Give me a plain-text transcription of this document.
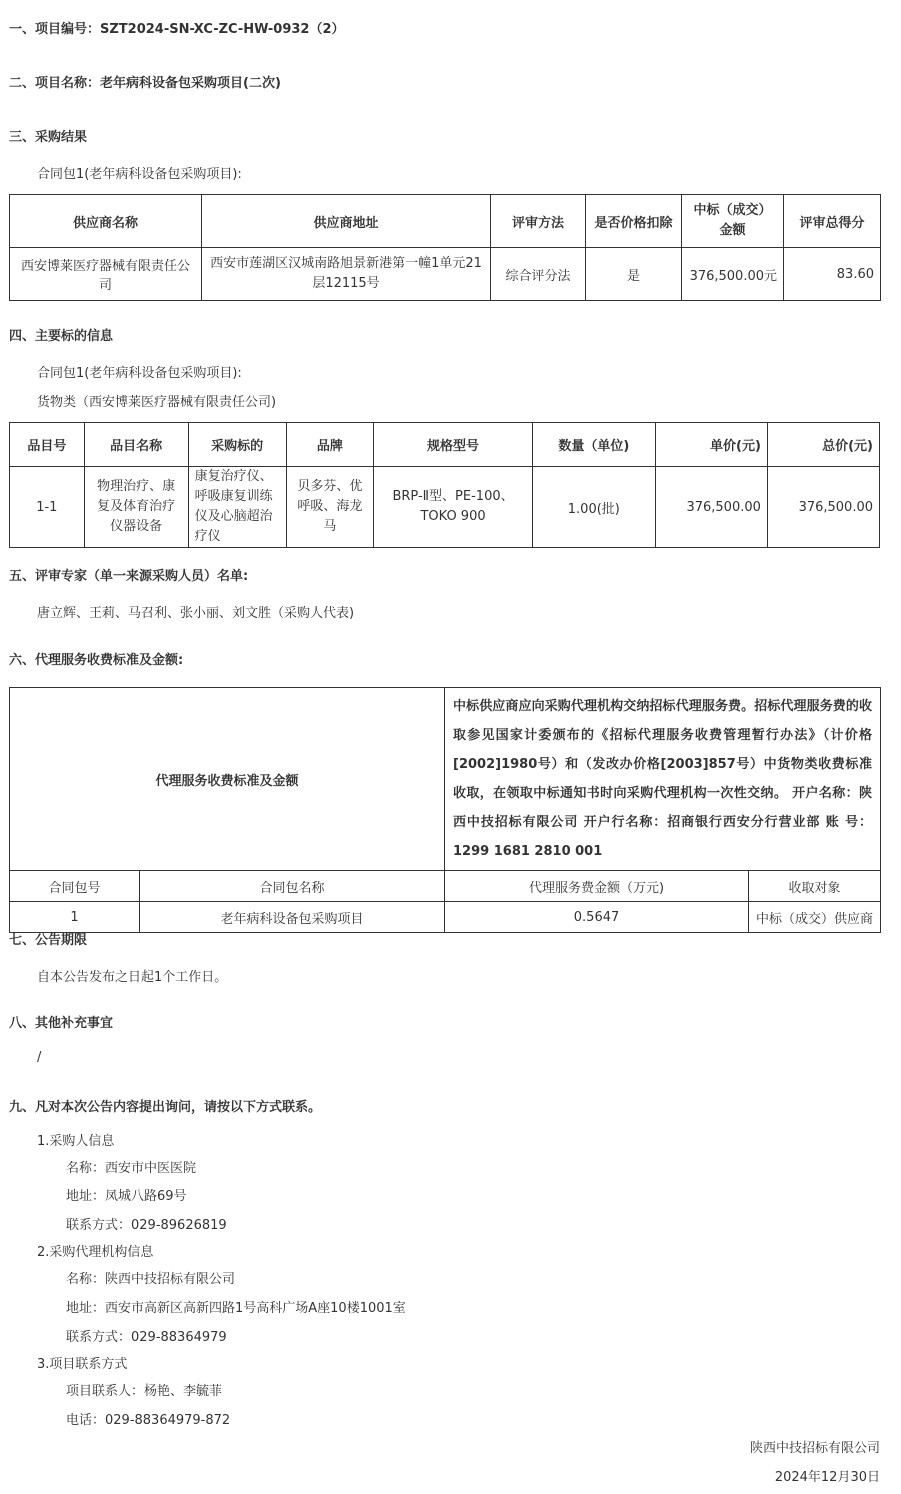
一、项目编号：SZT2024-SN-XC-ZC-HW-0932（2）
二、项目名称：老年病科设备包采购项目(二次)
三、采购结果
合同包1(老年病科设备包采购项目):
供应商名称	供应商地址	评审方法	是否价格扣除	中标（成交）金额	评审总得分
西安博莱医疗器械有限责任公司	西安市莲湖区汉城南路旭景新港第一幢1单元21层12115号	综合评分法	是	376,500.00元	83.60
四、主要标的信息
合同包1(老年病科设备包采购项目):
货物类（西安博莱医疗器械有限责任公司)
品目号	品目名称	采购标的	品牌	规格型号	数量（单位)	单价(元)	总价(元)
1-1	物理治疗、康复及体育治疗仪器设备	康复治疗仪、呼吸康复训练仪及心脑超治疗仪	贝多芬、优呼吸、海龙马	BRP-Ⅱ型、PE-100、TOKO 900	1.00(批)	376,500.00	376,500.00
五、评审专家（单一来源采购人员）名单:
唐立辉、王莉、马召利、张小丽、刘文胜（采购人代表)
六、代理服务收费标准及金额:
代理服务收费标准及金额		中标供应商应向采购代理机构交纳招标代理服务费。招标代理服务费的收取参见国家计委颁布的《招标代理服务收费管理暂行办法》（计价格[2002]1980号）和（发改办价格[2003]857号）中货物类收费标准收取，在领取中标通知书时向采购代理机构一次性交纳。 开户名称：陕西中技招标有限公司 开户行名称：招商银行西安分行营业部 账 号：1299 1681 2810 001	
合同包号	合同包名称	代理服务费金额（万元)	收取对象
1	老年病科设备包采购项目	0.5647	中标（成交）供应商
七、公告期限
自本公告发布之日起1个工作日。
八、其他补充事宜
/
九、凡对本次公告内容提出询问，请按以下方式联系。
1.采购人信息
名称：西安市中医医院
地址：凤城八路69号
联系方式：029-89626819
2.采购代理机构信息
名称：陕西中技招标有限公司
地址：西安市高新区高新四路1号高科广场A座10楼1001室
联系方式：029-88364979
3.项目联系方式
项目联系人：杨艳、李毓菲
电话：029-88364979-872
陕西中技招标有限公司
2024年12月30日
